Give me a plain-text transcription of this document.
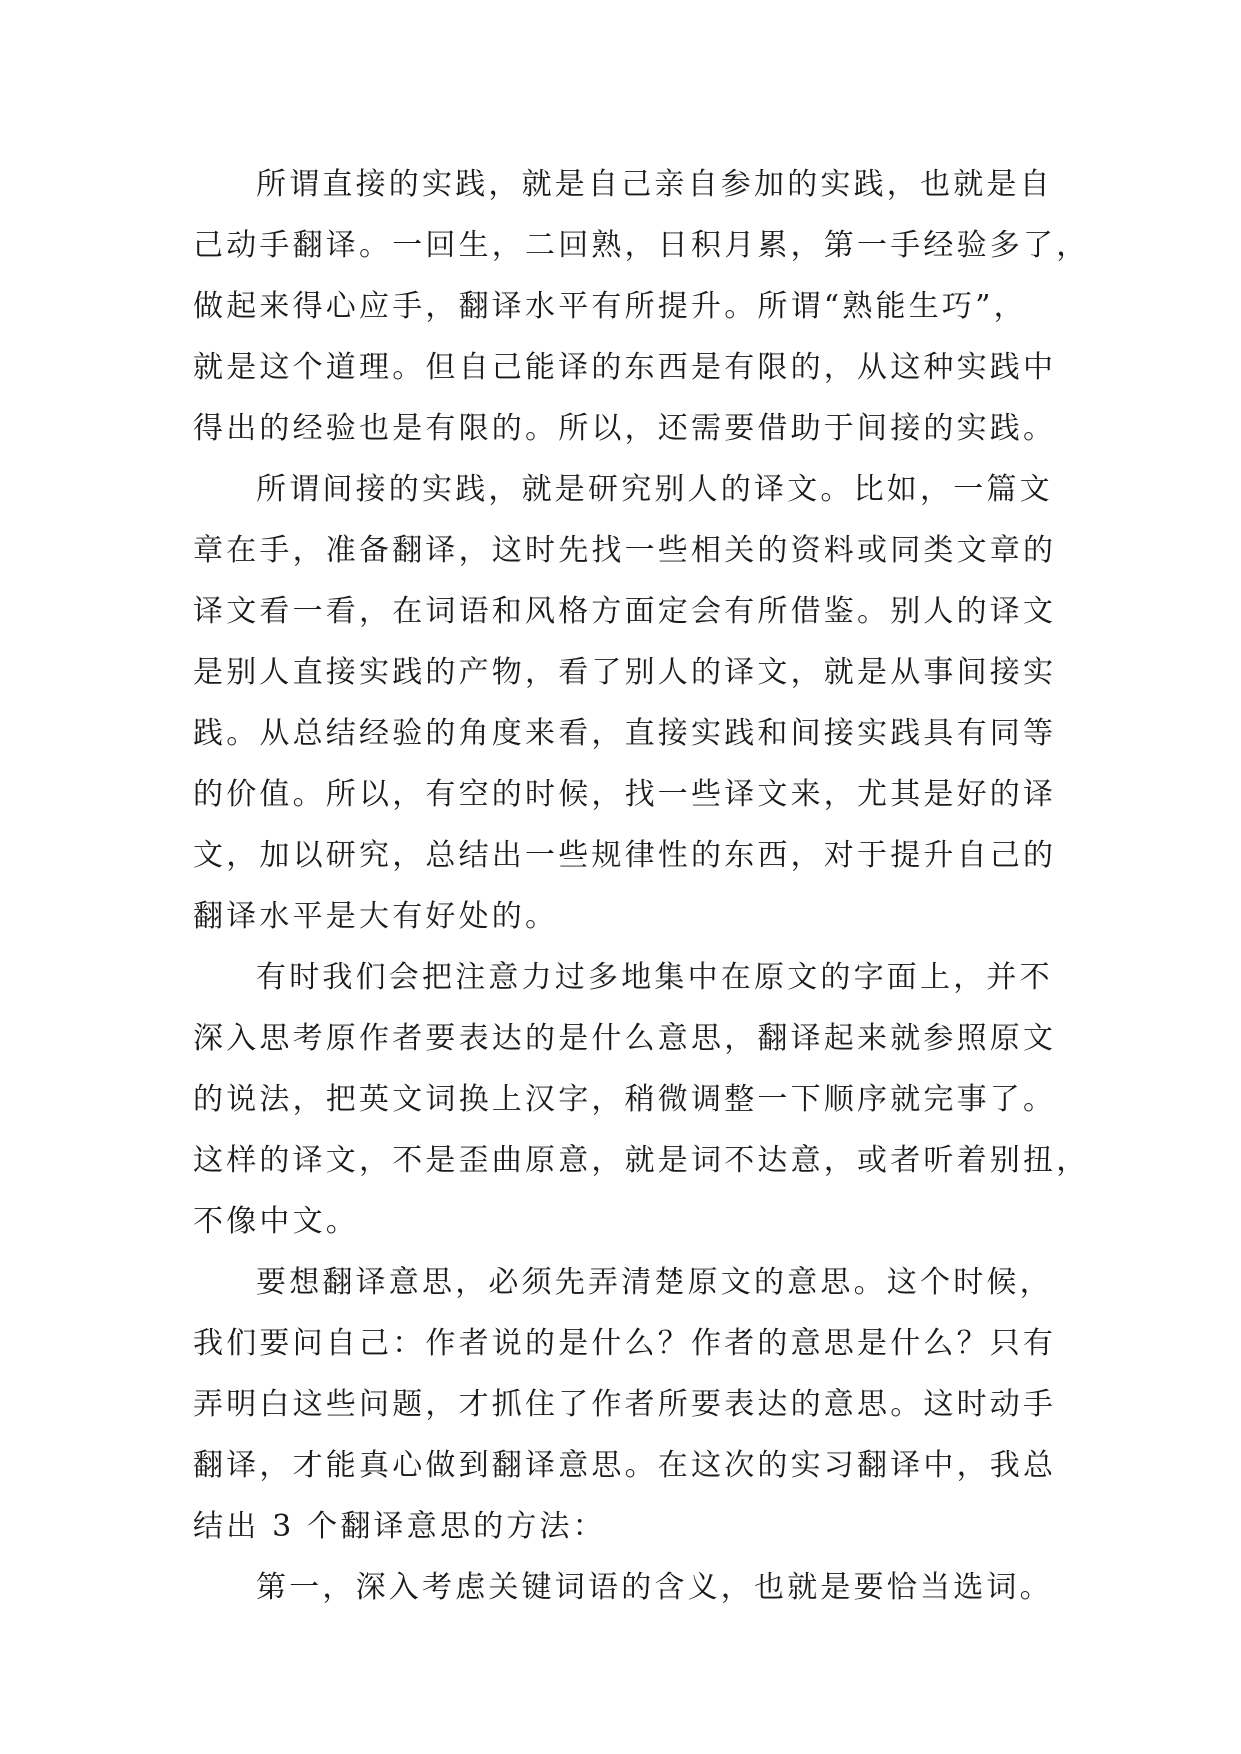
所谓直接的实践，就是自己亲自参加的实践，也就是自
己动手翻译。一回生，二回熟，日积月累，第一手经验多了，
做起来得心应手，翻译水平有所提升。所谓“熟能生巧”，
就是这个道理。但自己能译的东西是有限的，从这种实践中
得出的经验也是有限的。所以，还需要借助于间接的实践。

所谓间接的实践，就是研究别人的译文。比如，一篇文
章在手，准备翻译，这时先找一些相关的资料或同类文章的
译文看一看，在词语和风格方面定会有所借鉴。别人的译文
是别人直接实践的产物，看了别人的译文，就是从事间接实
践。从总结经验的角度来看，直接实践和间接实践具有同等
的价值。所以，有空的时候，找一些译文来，尤其是好的译
文，加以研究，总结出一些规律性的东西，对于提升自己的
翻译水平是大有好处的。

有时我们会把注意力过多地集中在原文的字面上，并不
深入思考原作者要表达的是什么意思，翻译起来就参照原文
的说法，把英文词换上汉字，稍微调整一下顺序就完事了。
这样的译文，不是歪曲原意，就是词不达意，或者听着别扭，
不像中文。

要想翻译意思，必须先弄清楚原文的意思。这个时候，
我们要问自己：作者说的是什么？作者的意思是什么？只有
弄明白这些问题，才抓住了作者所要表达的意思。这时动手
翻译，才能真心做到翻译意思。在这次的实习翻译中，我总
结出 3 个翻译意思的方法：

第一，深入考虑关键词语的含义，也就是要恰当选词。
